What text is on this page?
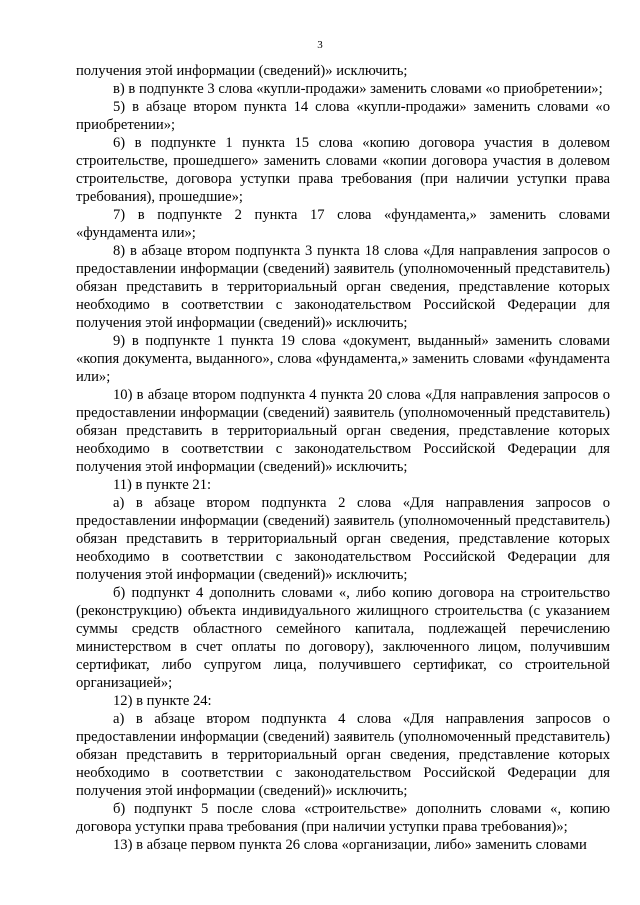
3

получения этой информации (сведений)» исключить;

в) в подпункте 3 слова «купли-продажи» заменить словами «о приобретении»;

5) в абзаце втором пункта 14 слова «купли-продажи» заменить словами «о приобретении»;

6) в подпункте 1 пункта 15 слова «копию договора участия в долевом строительстве, прошедшего» заменить словами «копии договора участия в долевом строительстве, договора уступки права требования (при наличии уступки права требования), прошедшие»;

7) в подпункте 2 пункта 17 слова «фундамента,» заменить словами «фундамента или»;

8) в абзаце втором подпункта 3 пункта 18 слова «Для направления запросов о предоставлении информации (сведений) заявитель (уполномоченный представитель) обязан представить в территориальный орган сведения, представление которых необходимо в соответствии с законодательством Российской Федерации для получения этой информации (сведений)» исключить;

9) в подпункте 1 пункта 19 слова «документ, выданный» заменить словами «копия документа, выданного», слова «фундамента,» заменить словами «фундамента или»;

10) в абзаце втором подпункта 4 пункта 20 слова «Для направления запросов о предоставлении информации (сведений) заявитель (уполномоченный представитель) обязан представить в территориальный орган сведения, представление которых необходимо в соответствии с законодательством Российской Федерации для получения этой информации (сведений)» исключить;

11) в пункте 21:

а) в абзаце втором подпункта 2 слова «Для направления запросов о предоставлении информации (сведений) заявитель (уполномоченный представитель) обязан представить в территориальный орган сведения, представление которых необходимо в соответствии с законодательством Российской Федерации для получения этой информации (сведений)» исключить;

б) подпункт 4 дополнить словами «, либо копию договора на строительство (реконструкцию) объекта индивидуального жилищного строительства (с указанием суммы средств областного семейного капитала, подлежащей перечислению министерством в счет оплаты по договору), заключенного лицом, получившим сертификат, либо супругом лица, получившего сертификат, со строительной организацией»;

12) в пункте 24:

а) в абзаце втором подпункта 4 слова «Для направления запросов о предоставлении информации (сведений) заявитель (уполномоченный представитель) обязан представить в территориальный орган сведения, представление которых необходимо в соответствии с законодательством Российской Федерации для получения этой информации (сведений)» исключить;

б) подпункт 5 после слова «строительстве» дополнить словами «, копию договора уступки права требования (при наличии уступки права требования)»;

13) в абзаце первом пункта 26 слова «организации, либо» заменить словами
